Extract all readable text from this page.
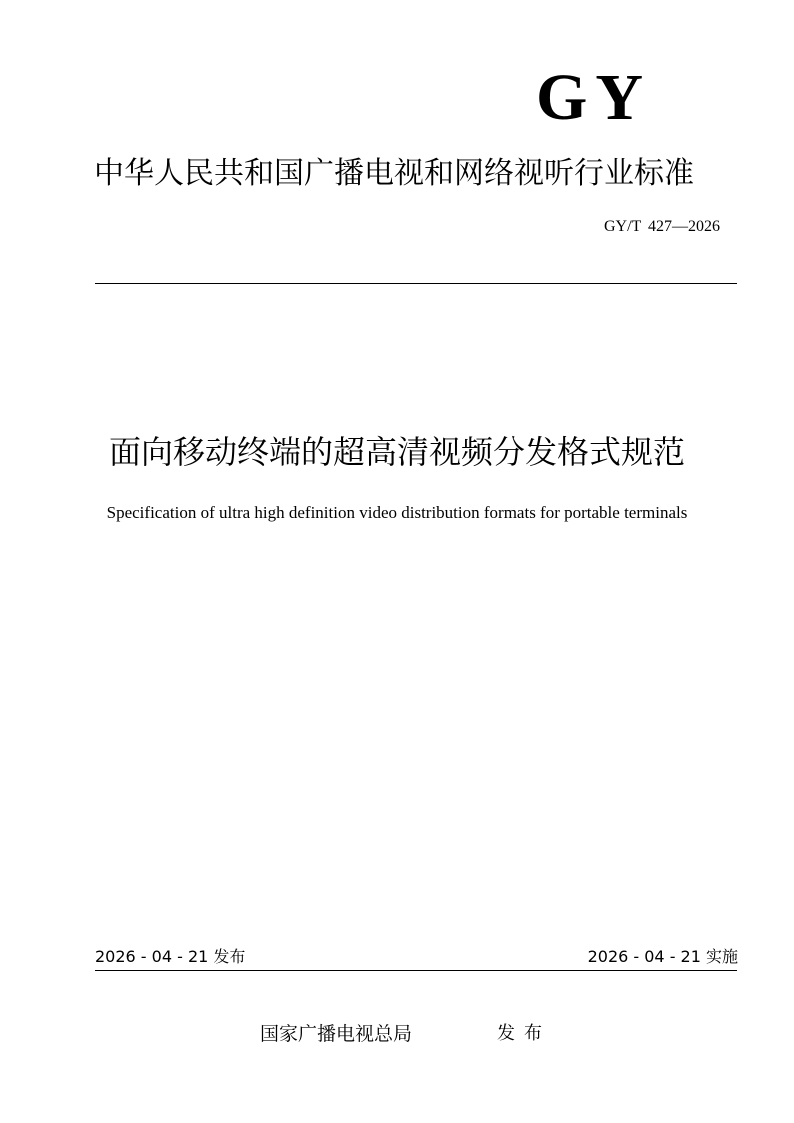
GY
中华人民共和国广播电视和网络视听行业标准
GY/T 427—2026
面向移动终端的超高清视频分发格式规范
Specification of ultra high definition video distribution formats for portable terminals
2026 - 04 - 21 发布	2026 - 04 - 21 实施
国家广播电视总局	发布
